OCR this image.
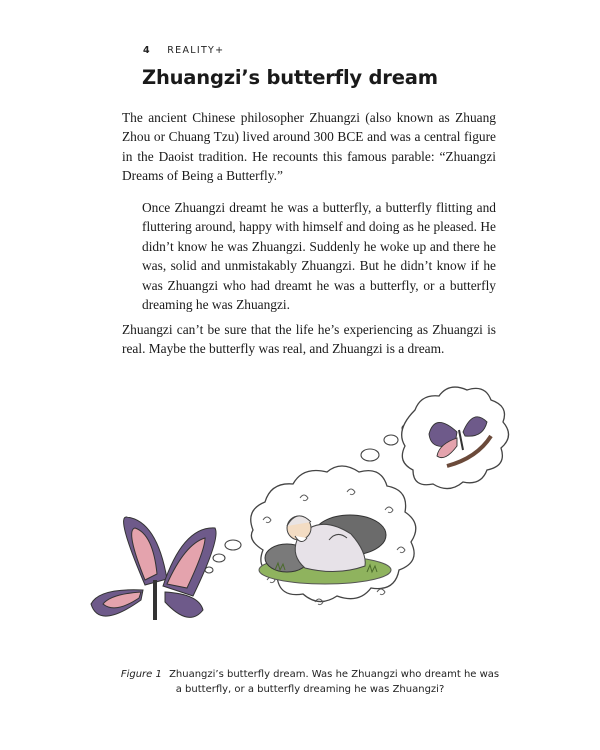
4 REALITY+
Zhuangzi’s butterfly dream

The ancient Chinese philosopher Zhuangzi (also known as Zhuang Zhou or Chuang Tzu) lived around 300 BCE and was a central figure in the Daoist tradition. He recounts this famous parable: “Zhuangzi Dreams of Being a Butterfly.”

Once Zhuangzi dreamt he was a butterfly, a butterfly flitting and fluttering around, happy with himself and doing as he pleased. He didn’t know he was Zhuangzi. Suddenly he woke up and there he was, solid and unmistakably Zhuangzi. But he didn’t know if he was Zhuangzi who had dreamt he was a butterfly, or a butterfly dreaming he was Zhuangzi.

Zhuangzi can’t be sure that the life he’s experiencing as Zhuangzi is real. Maybe the butterfly was real, and Zhuangzi is a dream.

Figure 1 Zhuangzi’s butterfly dream. Was he Zhuangzi who dreamt he was a butterfly, or a butterfly dreaming he was Zhuangzi?
